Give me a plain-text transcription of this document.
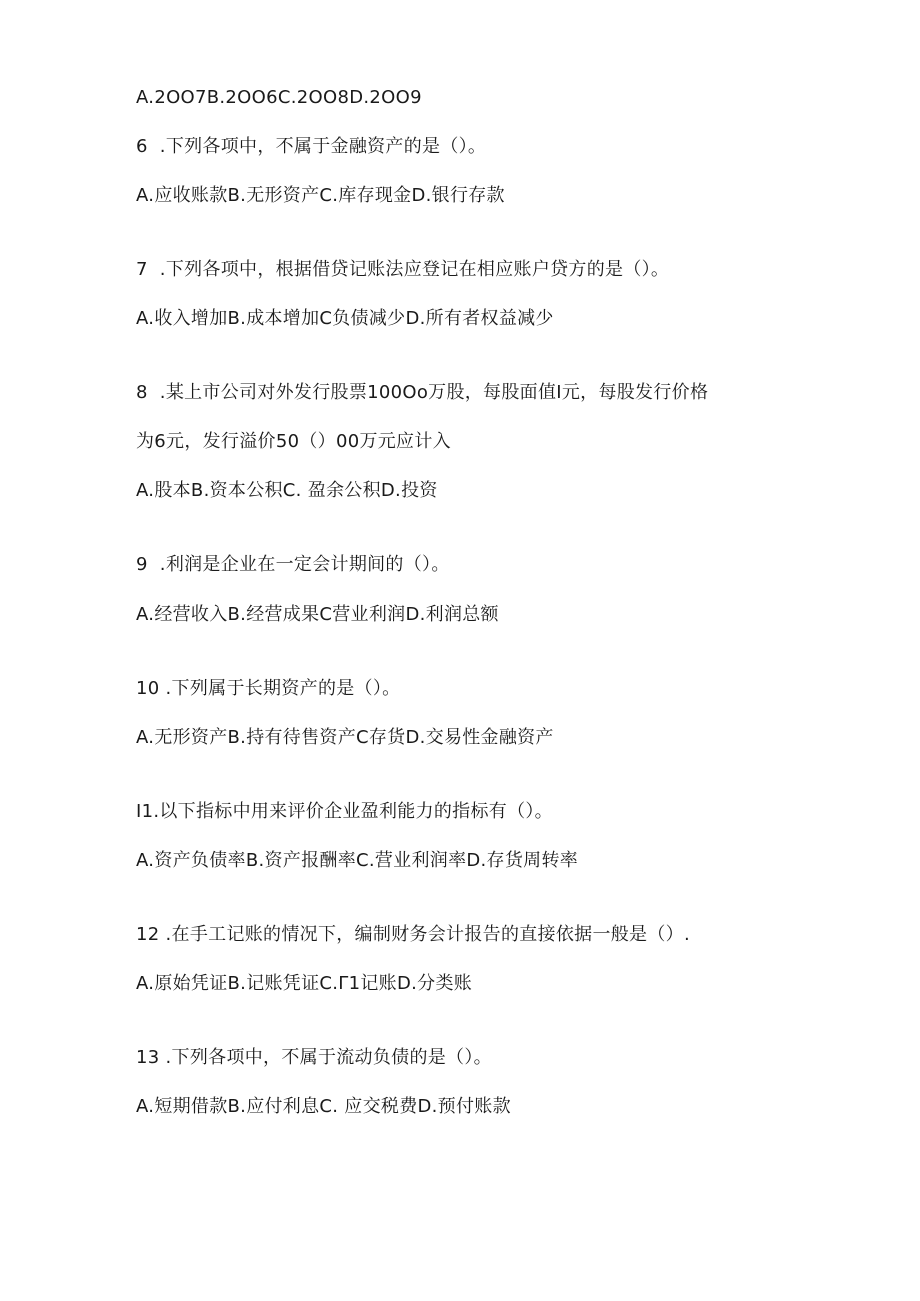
A.2OO7B.2OO6C.2OO8D.2OO9

6  .下列各项中，不属于金融资产的是（）。

A.应收账款B.无形资产C.库存现金D.银行存款

7  .下列各项中，根据借贷记账法应登记在相应账户贷方的是（）。

A.收入增加B.成本增加C负债减少D.所有者权益减少

8  .某上市公司对外发行股票100Oo万股，每股面值I元，每股发行价格

为6元，发行溢价50（）00万元应计入

A.股本B.资本公积C. 盈余公积D.投资

9  .利润是企业在一定会计期间的（）。

A.经营收入B.经营成果C营业利润D.利润总额

10 .下列属于长期资产的是（）。

A.无形资产B.持有待售资产C存货D.交易性金融资产

I1.以下指标中用来评价企业盈利能力的指标有（）。

A.资产负债率B.资产报酬率C.营业利润率D.存货周转率

12 .在手工记账的情况下，编制财务会计报告的直接依据一般是（）.

A.原始凭证B.记账凭证C.Γ1记账D.分类账

13 .下列各项中，不属于流动负债的是（）。

A.短期借款B.应付利息C. 应交税费D.预付账款
